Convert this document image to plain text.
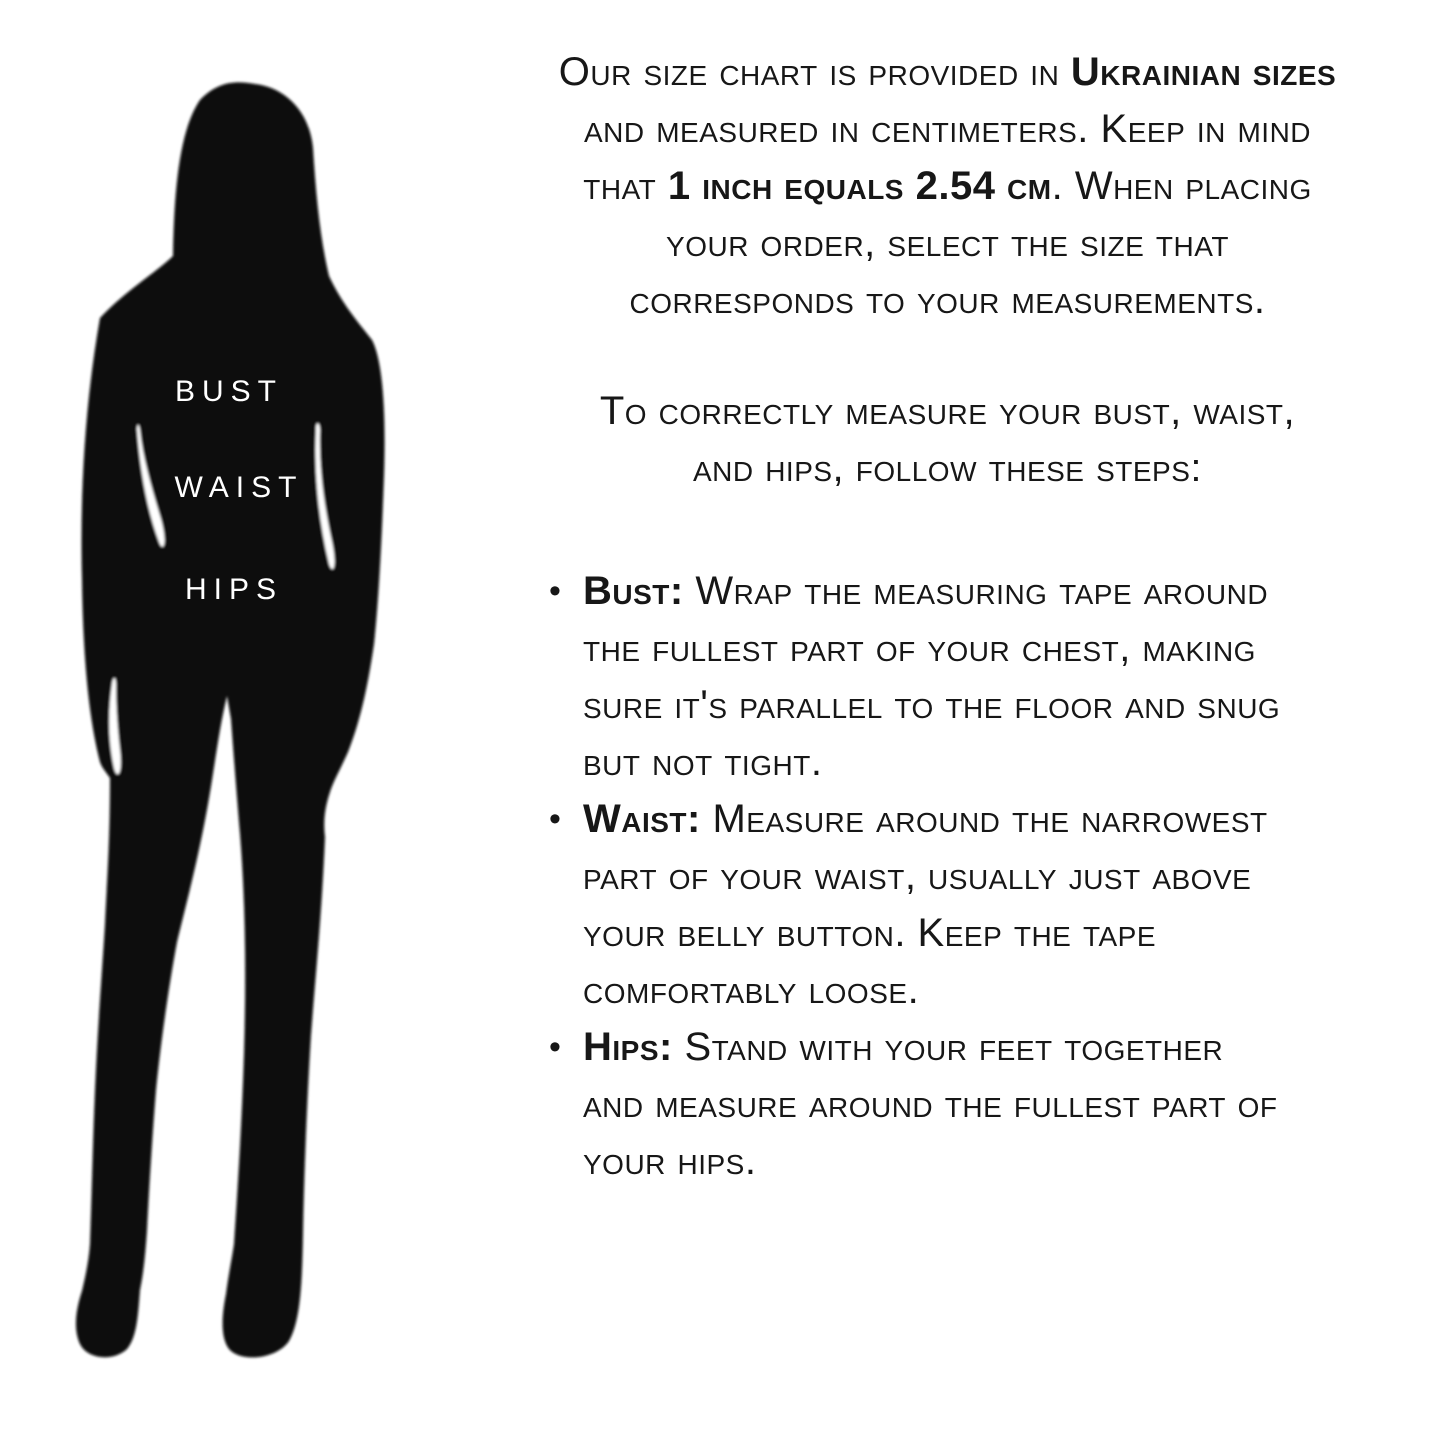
BUST
WAIST
HIPS

Our size chart is provided in Ukrainian sizes and measured in centimeters. Keep in mind that 1 inch equals 2.54 cm. When placing your order, select the size that corresponds to your measurements.

To correctly measure your bust, waist, and hips, follow these steps:

• Bust: Wrap the measuring tape around the fullest part of your chest, making sure it's parallel to the floor and snug but not tight.
• Waist: Measure around the narrowest part of your waist, usually just above your belly button. Keep the tape comfortably loose.
• Hips: Stand with your feet together and measure around the fullest part of your hips.
